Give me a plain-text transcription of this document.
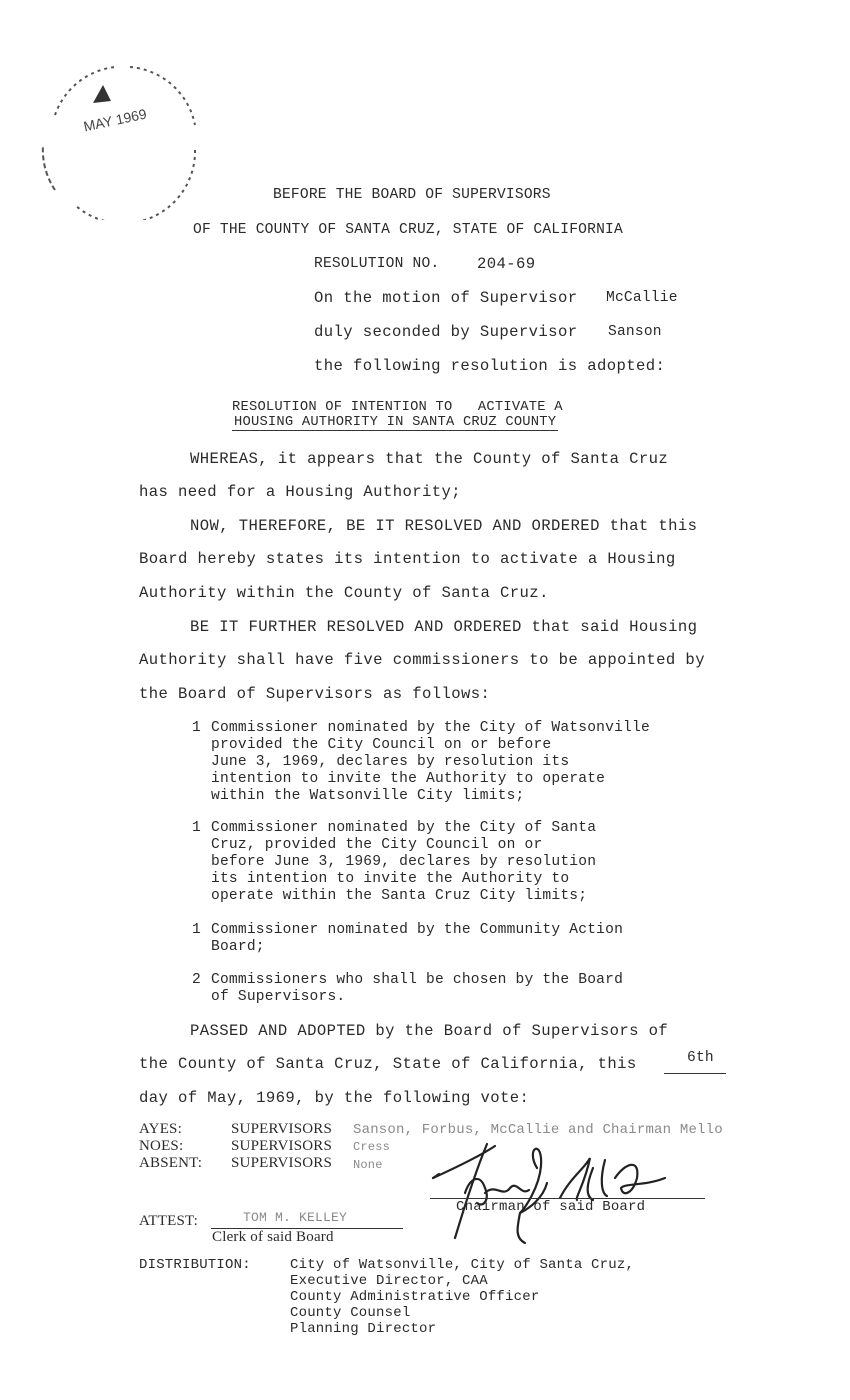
MAY 1969
BEFORE THE BOARD OF SUPERVISORS
OF THE COUNTY OF SANTA CRUZ, STATE OF CALIFORNIA
RESOLUTION NO. 204-69
On the motion of Supervisor McCallie
duly seconded by Supervisor Sanson
the following resolution is adopted:
RESOLUTION OF INTENTION TO   ACTIVATE A
HOUSING AUTHORITY IN SANTA CRUZ COUNTY
WHEREAS, it appears that the County of Santa Cruz
has need for a Housing Authority;
NOW, THEREFORE, BE IT RESOLVED AND ORDERED that this
Board hereby states its intention to activate a Housing
Authority within the County of Santa Cruz.
BE IT FURTHER RESOLVED AND ORDERED that said Housing
Authority shall have five commissioners to be appointed by
the Board of Supervisors as follows:
1 Commissioner nominated by the City of Watsonville
provided the City Council on or before
June 3, 1969, declares by resolution its
intention to invite the Authority to operate
within the Watsonville City limits;
1 Commissioner nominated by the City of Santa
Cruz, provided the City Council on or
before June 3, 1969, declares by resolution
its intention to invite the Authority to
operate within the Santa Cruz City limits;
1 Commissioner nominated by the Community Action
Board;
2 Commissioners who shall be chosen by the Board
of Supervisors.
PASSED AND ADOPTED by the Board of Supervisors of
the County of Santa Cruz, State of California, this	6th
day of May, 1969, by the following vote:
AYES:	SUPERVISORS Sanson, Forbus, McCallie and Chairman Mello
NOES:	SUPERVISORS Cress
ABSENT: SUPERVISORS None
Chairman of said Board
ATTEST:	TOM M. KELLEY
Clerk of said Board
DISTRIBUTION:	City of Watsonville, City of Santa Cruz,
Executive Director, CAA
County Administrative Officer
County Counsel
Planning Director
